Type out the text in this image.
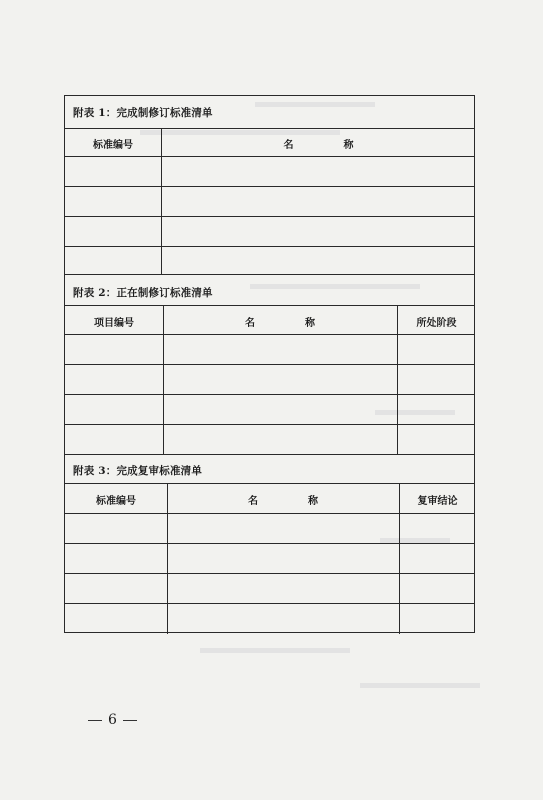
附表 1：完成制修订标准清单
标准编号	名　　　　　称
附表 2：正在制修订标准清单
项目编号	名　　　　　称	所处阶段
附表 3：完成复审标准清单
标准编号	名　　　　　称	复审结论
6
